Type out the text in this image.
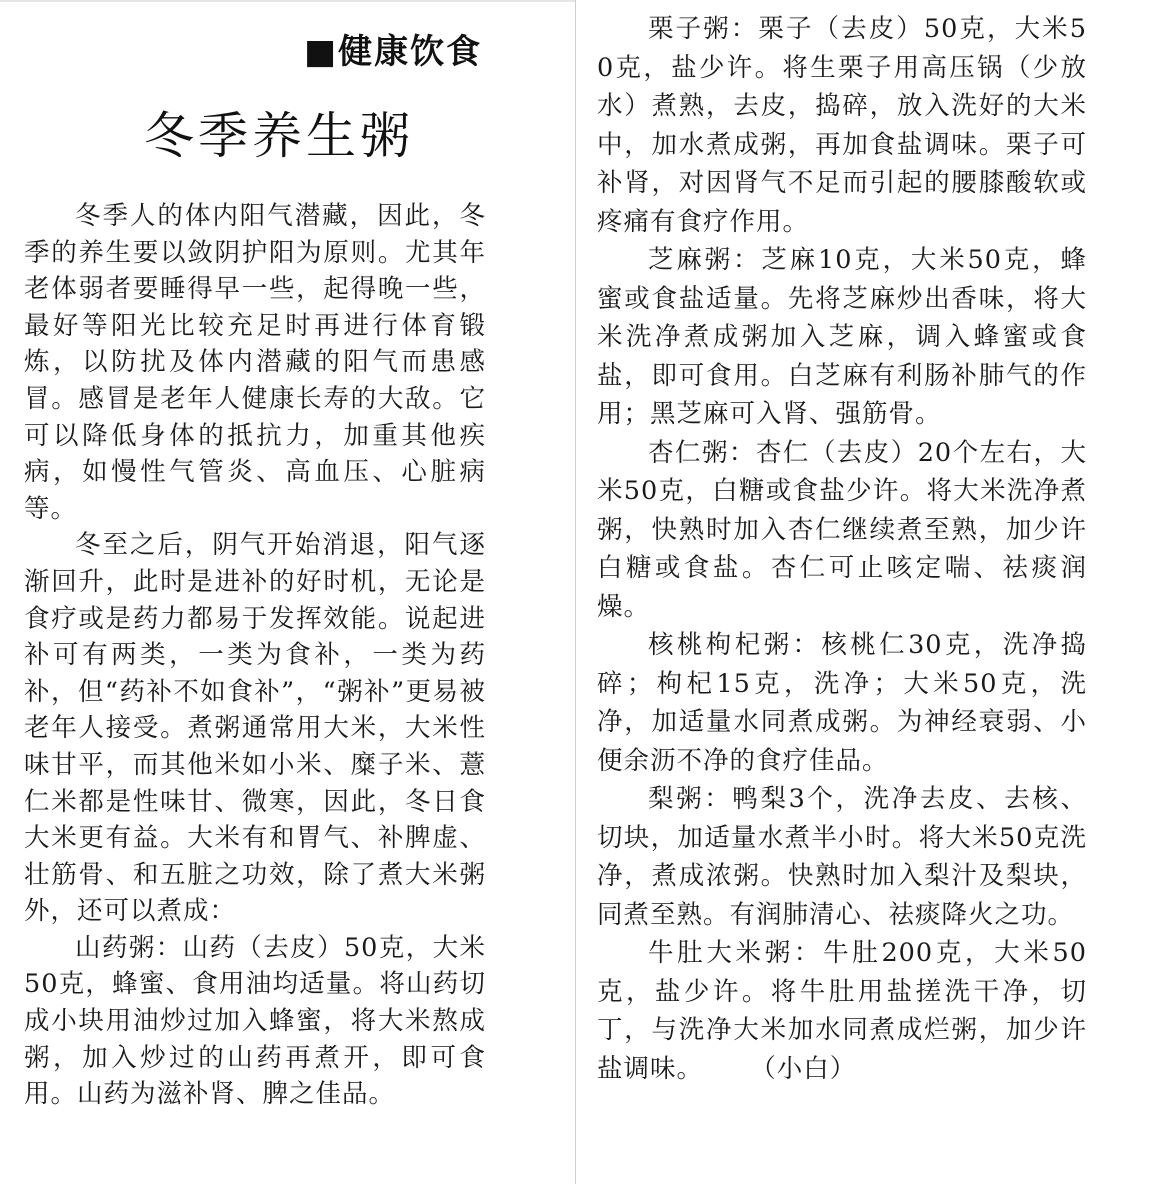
■健康饮食
冬季养生粥

冬季人的体内阳气潜藏，因此，冬季的养生要以敛阴护阳为原则。尤其年老体弱者要睡得早一些，起得晚一些，最好等阳光比较充足时再进行体育锻炼，以防扰及体内潜藏的阳气而患感冒。感冒是老年人健康长寿的大敌。它可以降低身体的抵抗力，加重其他疾病，如慢性气管炎、高血压、心脏病等。

冬至之后，阴气开始消退，阳气逐渐回升，此时是进补的好时机，无论是食疗或是药力都易于发挥效能。说起进补可有两类，一类为食补，一类为药补，但“药补不如食补”，“粥补”更易被老年人接受。煮粥通常用大米，大米性味甘平，而其他米如小米、糜子米、薏仁米都是性味甘、微寒，因此，冬日食大米更有益。大米有和胃气、补脾虚、壮筋骨、和五脏之功效，除了煮大米粥外，还可以煮成：

山药粥：山药（去皮）50克，大米50克，蜂蜜、食用油均适量。将山药切成小块用油炒过加入蜂蜜，将大米熬成粥，加入炒过的山药再煮开，即可食用。山药为滋补肾、脾之佳品。

栗子粥：栗子（去皮）50克，大米50克，盐少许。将生栗子用高压锅（少放水）煮熟，去皮，捣碎，放入洗好的大米中，加水煮成粥，再加食盐调味。栗子可补肾，对因肾气不足而引起的腰膝酸软或疼痛有食疗作用。

芝麻粥：芝麻10克，大米50克，蜂蜜或食盐适量。先将芝麻炒出香味，将大米洗净煮成粥加入芝麻，调入蜂蜜或食盐，即可食用。白芝麻有利肠补肺气的作用；黑芝麻可入肾、强筋骨。

杏仁粥：杏仁（去皮）20个左右，大米50克，白糖或食盐少许。将大米洗净煮粥，快熟时加入杏仁继续煮至熟，加少许白糖或食盐。杏仁可止咳定喘、祛痰润燥。

核桃枸杞粥：核桃仁30克，洗净捣碎；枸杞15克，洗净；大米50克，洗净，加适量水同煮成粥。为神经衰弱、小便余沥不净的食疗佳品。

梨粥：鸭梨3个，洗净去皮、去核、切块，加适量水煮半小时。将大米50克洗净，煮成浓粥。快熟时加入梨汁及梨块，同煮至熟。有润肺清心、祛痰降火之功。

牛肚大米粥：牛肚200克，大米50克，盐少许。将牛肚用盐搓洗干净，切丁，与洗净大米加水同煮成烂粥，加少许盐调味。 （小白）
